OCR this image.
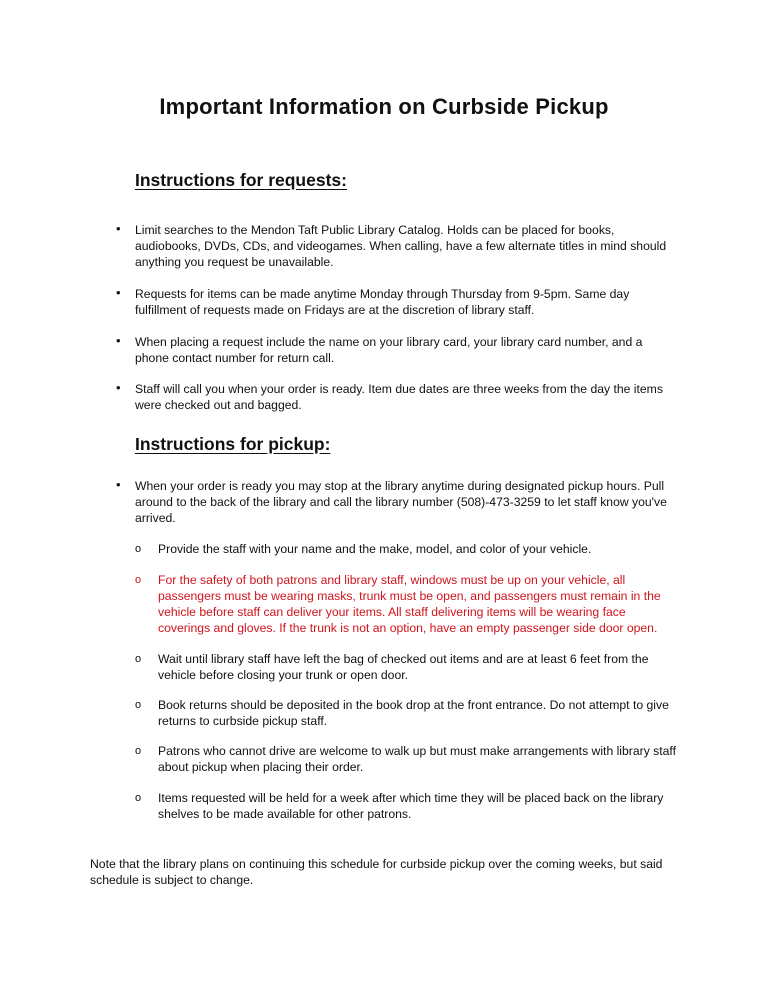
Important Information on Curbside Pickup
Instructions for requests:
• Limit searches to the Mendon Taft Public Library Catalog. Holds can be placed for books, audiobooks, DVDs, CDs, and videogames. When calling, have a few alternate titles in mind should anything you request be unavailable.

• Requests for items can be made anytime Monday through Thursday from 9-5pm. Same day fulfillment of requests made on Fridays are at the discretion of library staff.

• When placing a request include the name on your library card, your library card number, and a phone contact number for return call.

• Staff will call you when your order is ready. Item due dates are three weeks from the day the items were checked out and bagged.

Instructions for pickup:
• When your order is ready you may stop at the library anytime during designated pickup hours. Pull around to the back of the library and call the library number (508)-473-3259 to let staff know you've arrived.

o Provide the staff with your name and the make, model, and color of your vehicle.

o For the safety of both patrons and library staff, windows must be up on your vehicle, all passengers must be wearing masks, trunk must be open, and passengers must remain in the vehicle before staff can deliver your items. All staff delivering items will be wearing face coverings and gloves. If the trunk is not an option, have an empty passenger side door open.

o Wait until library staff have left the bag of checked out items and are at least 6 feet from the vehicle before closing your trunk or open door.

o Book returns should be deposited in the book drop at the front entrance. Do not attempt to give returns to curbside pickup staff.

o Patrons who cannot drive are welcome to walk up but must make arrangements with library staff about pickup when placing their order.

o Items requested will be held for a week after which time they will be placed back on the library shelves to be made available for other patrons.

Note that the library plans on continuing this schedule for curbside pickup over the coming weeks, but said schedule is subject to change.
